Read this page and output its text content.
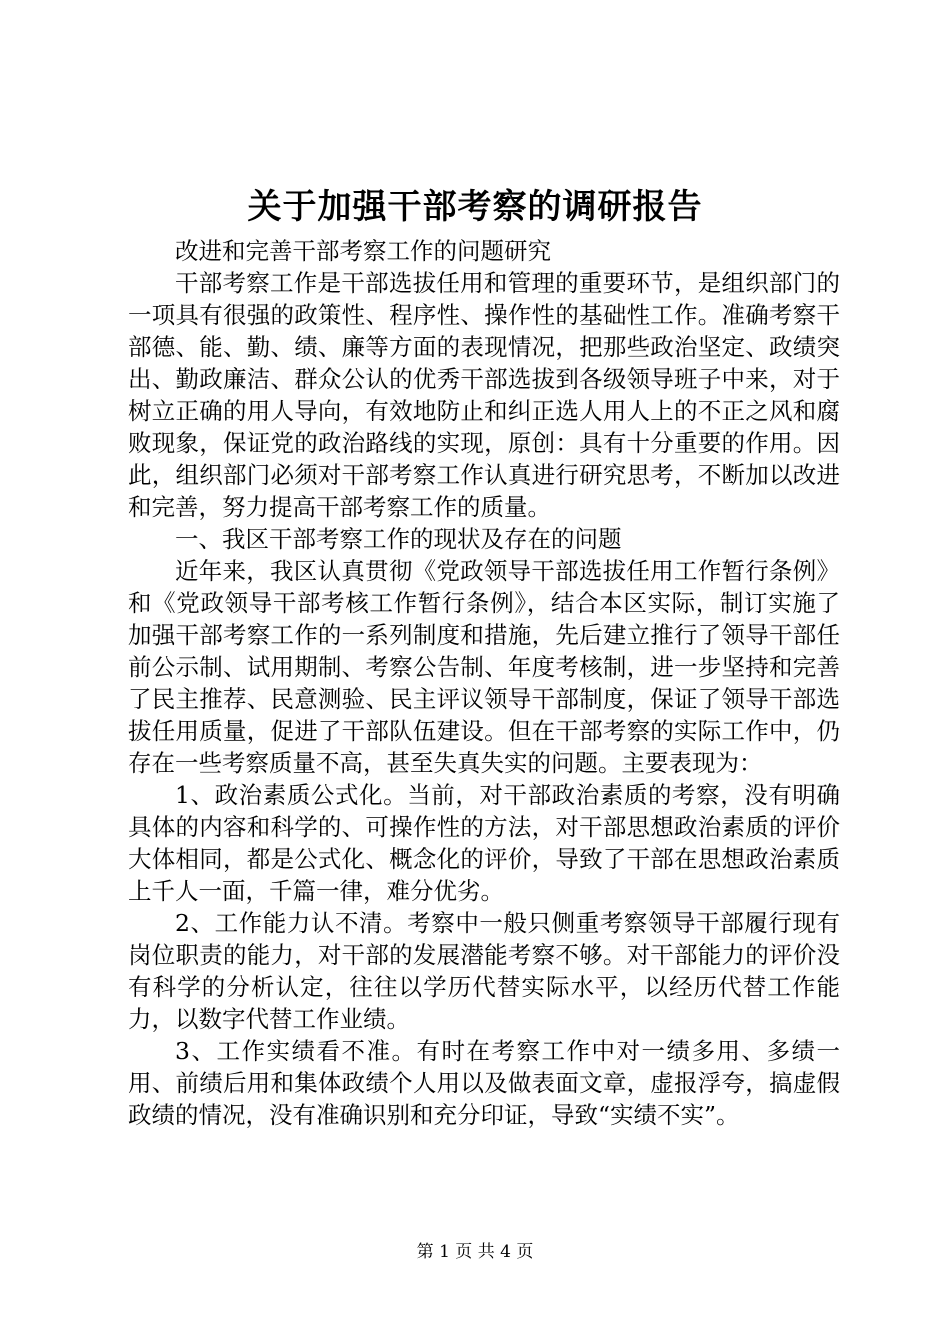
关于加强干部考察的调研报告

改进和完善干部考察工作的问题研究

干部考察工作是干部选拔任用和管理的重要环节，是组织部门的一项具有很强的政策性、程序性、操作性的基础性工作。准确考察干部德、能、勤、绩、廉等方面的表现情况，把那些政治坚定、政绩突出、勤政廉洁、群众公认的优秀干部选拔到各级领导班子中来，对于树立正确的用人导向，有效地防止和纠正选人用人上的不正之风和腐败现象，保证党的政治路线的实现，原创：具有十分重要的作用。因此，组织部门必须对干部考察工作认真进行研究思考，不断加以改进和完善，努力提高干部考察工作的质量。

一、我区干部考察工作的现状及存在的问题

近年来，我区认真贯彻《党政领导干部选拔任用工作暂行条例》和《党政领导干部考核工作暂行条例》，结合本区实际，制订实施了加强干部考察工作的一系列制度和措施，先后建立推行了领导干部任前公示制、试用期制、考察公告制、年度考核制，进一步坚持和完善了民主推荐、民意测验、民主评议领导干部制度，保证了领导干部选拔任用质量，促进了干部队伍建设。但在干部考察的实际工作中，仍存在一些考察质量不高，甚至失真失实的问题。主要表现为：

1、政治素质公式化。当前，对干部政治素质的考察，没有明确具体的内容和科学的、可操作性的方法，对干部思想政治素质的评价大体相同，都是公式化、概念化的评价，导致了干部在思想政治素质上千人一面，千篇一律，难分优劣。

2、工作能力认不清。考察中一般只侧重考察领导干部履行现有岗位职责的能力，对干部的发展潜能考察不够。对干部能力的评价没有科学的分析认定，往往以学历代替实际水平，以经历代替工作能力，以数字代替工作业绩。

3、工作实绩看不准。有时在考察工作中对一绩多用、多绩一用、前绩后用和集体政绩个人用以及做表面文章，虚报浮夸，搞虚假政绩的情况，没有准确识别和充分印证，导致“实绩不实”。

第 1 页 共 4 页
